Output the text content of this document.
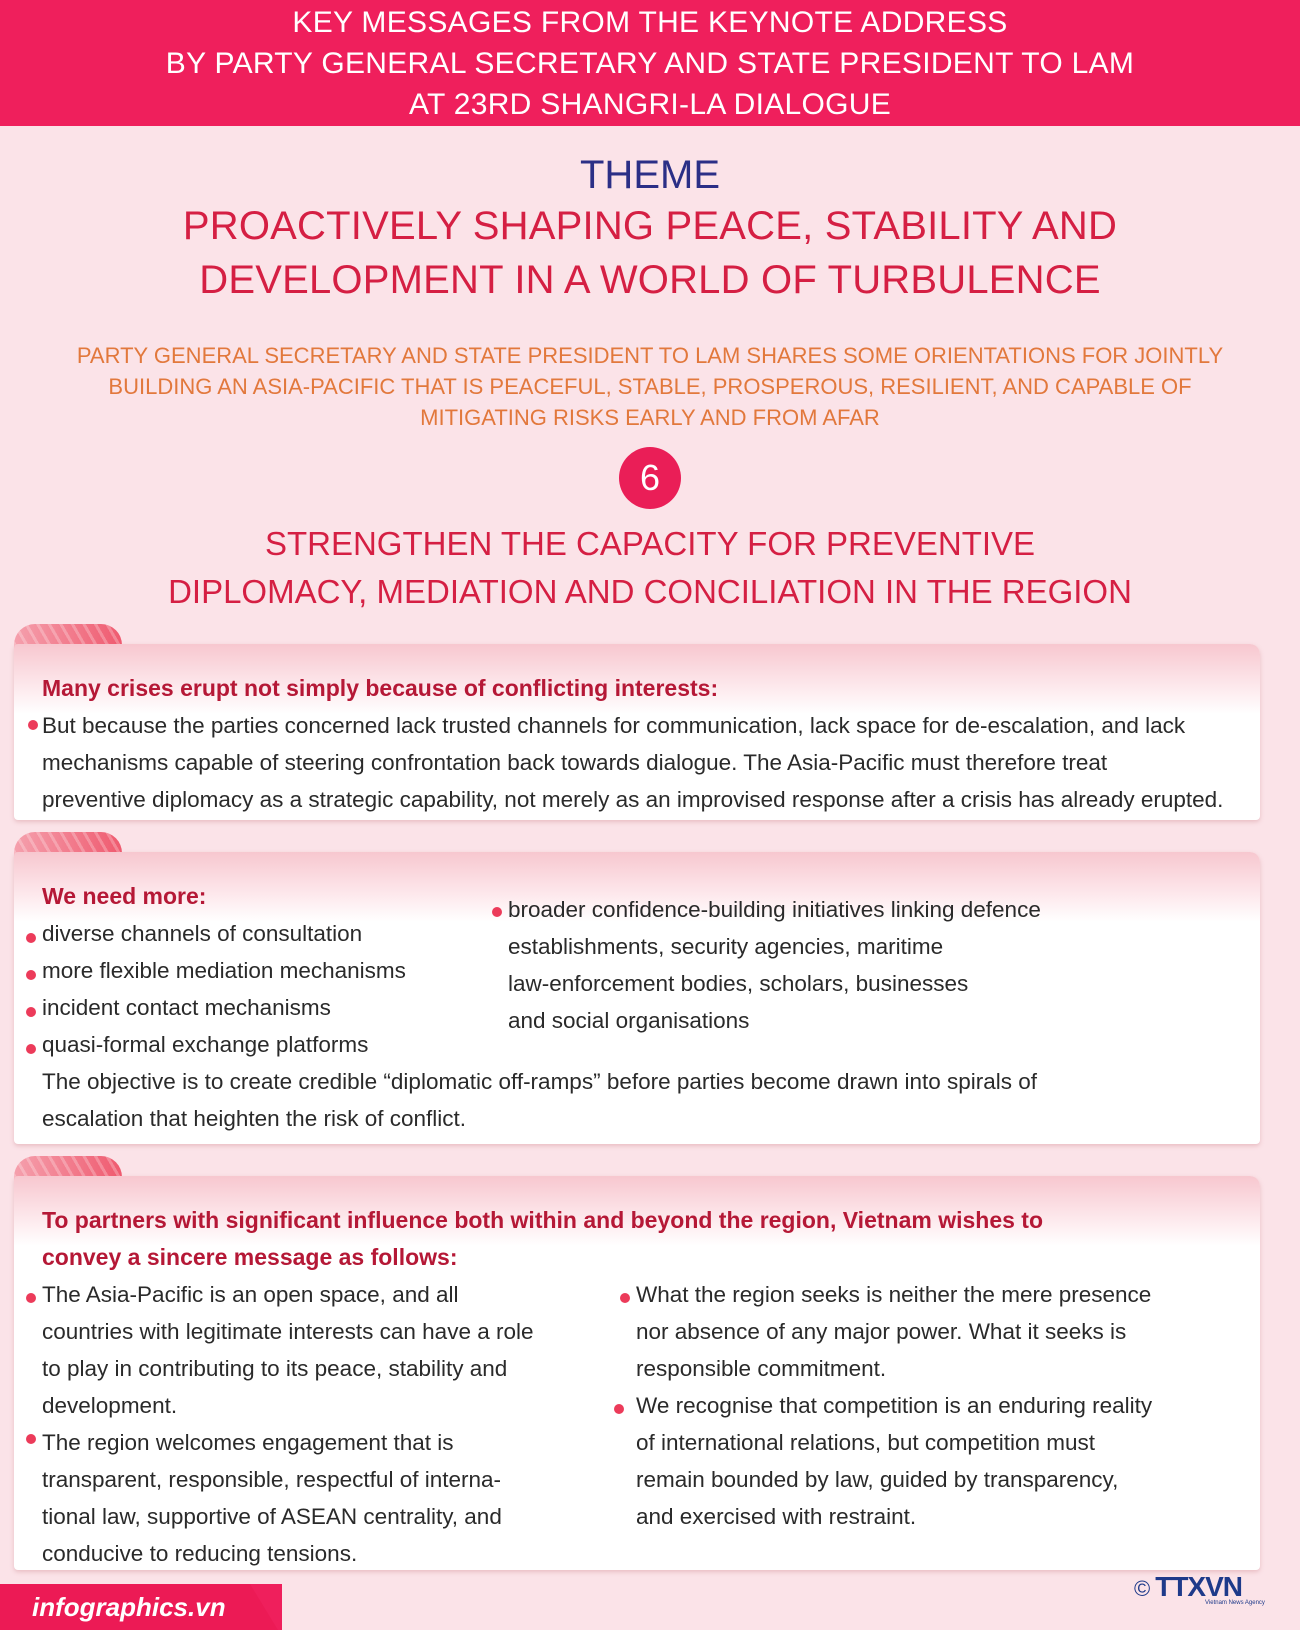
KEY MESSAGES FROM THE KEYNOTE ADDRESS
BY PARTY GENERAL SECRETARY AND STATE PRESIDENT TO LAM
AT 23RD SHANGRI-LA DIALOGUE
THEME
PROACTIVELY SHAPING PEACE, STABILITY AND
DEVELOPMENT IN A WORLD OF TURBULENCE
PARTY GENERAL SECRETARY AND STATE PRESIDENT TO LAM SHARES SOME ORIENTATIONS FOR JOINTLY
BUILDING AN ASIA-PACIFIC THAT IS PEACEFUL, STABLE, PROSPEROUS, RESILIENT, AND CAPABLE OF
MITIGATING RISKS EARLY AND FROM AFAR
6
STRENGTHEN THE CAPACITY FOR PREVENTIVE
DIPLOMACY, MEDIATION AND CONCILIATION IN THE REGION
Many crises erupt not simply because of conflicting interests:
But because the parties concerned lack trusted channels for communication, lack space for de-escalation, and lack
mechanisms capable of steering confrontation back towards dialogue. The Asia-Pacific must therefore treat
preventive diplomacy as a strategic capability, not merely as an improvised response after a crisis has already erupted.
We need more:
diverse channels of consultation
more flexible mediation mechanisms
incident contact mechanisms
quasi-formal exchange platforms
broader confidence-building initiatives linking defence
establishments, security agencies, maritime
law-enforcement bodies, scholars, businesses
and social organisations
The objective is to create credible “diplomatic off-ramps” before parties become drawn into spirals of
escalation that heighten the risk of conflict.
To partners with significant influence both within and beyond the region, Vietnam wishes to
convey a sincere message as follows:
The Asia-Pacific is an open space, and all
countries with legitimate interests can have a role
to play in contributing to its peace, stability and
development.
The region welcomes engagement that is
transparent, responsible, respectful of interna-
tional law, supportive of ASEAN centrality, and
conducive to reducing tensions.
What the region seeks is neither the mere presence
nor absence of any major power. What it seeks is
responsible commitment.
We recognise that competition is an enduring reality
of international relations, but competition must
remain bounded by law, guided by transparency,
and exercised with restraint.
infographics.vn
© TTXVN
Vietnam News Agency
